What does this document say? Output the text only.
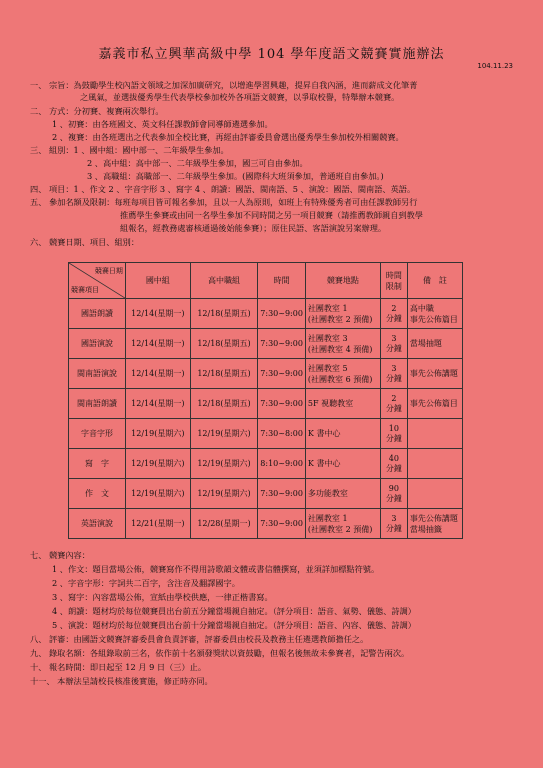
嘉義市私立興華高級中學 104 學年度語文競賽實施辦法
104.11.23
一、 宗旨：為鼓勵學生校內語文領域之加深加廣研究，以增進學習興趣，提昇自我內涵，進而薪成文化筆菁
之風氣，並選拔優秀學生代表學校參加校外各項語文競賽，以爭取校譽，特舉辦本競賽。
二、 方式：分初賽、複賽兩次舉行。
1 、初賽：由各班國文、英文科任課教師會同導師遴選參加。
2 、複賽：由各班選出之代表參加全校比賽，再經由評審委員會選出優秀學生參加校外相關競賽。
三、 組別：1 、國中組：國中部一、二年級學生參加。
2 、高中組：高中部一、二年級學生參加，國三可自由參加。
3 、高職組：高職部一、二年級學生參加。(國際科大班須參加，普通班自由參加。)
四、 項目：1 、作文 2 、字音字形 3 、寫字 4 、朗讀：國語、閩南語、5 、演說：國語、閩南語、英語。
五、 參加名額及限制：每班每項目皆可報名參加，且以一人為原則，如班上有特殊優秀者可由任課教師另行
推薦學生參賽或由同一名學生參加不同時間之另一項目競賽（請推薦教師親自到教學
組報名，經教務處審核通過後始能參賽）；原住民語、客語演說另案辦理。
六、 競賽日期、項目、組別：
競賽日期
競賽項目	國中組	高中職組	時間	競賽地點	時間限制	備　註
國語朗讀	12/14(星期一)	12/18(星期五)	7:30~9:00	社團教室 1
(社團教室 2 預備)	2
分鐘	高中職
事先公佈篇目
國語演說	12/14(星期一)	12/18(星期五)	7:30~9:00	社團教室 3
(社團教室 4 預備)	3
分鐘	當場抽題
閩南語演說	12/14(星期一)	12/18(星期五)	7:30~9:00	社團教室 5
(社團教室 6 預備)	3
分鐘	事先公佈講題
閩南語朗讀	12/14(星期一)	12/18(星期五)	7:30~9:00	5F 視聽教室	2
分鐘	事先公佈篇目
字音字形	12/19(星期六)	12/19(星期六)	7:30~8:00	K 書中心	10
分鐘	
寫　字	12/19(星期六)	12/19(星期六)	8:10~9:00	K 書中心	40
分鐘	
作　文	12/19(星期六)	12/19(星期六)	7:30~9:00	多功能教室	90
分鐘	
英語演說	12/21(星期一)	12/28(星期一)	7:30~9:00	社團教室 1
(社團教室 2 預備)	3
分鐘	事先公佈講題當場抽籤
七、 競賽內容：
1 、作文：題目當場公佈，競賽寫作不得用詩歌韻文體或書信體撰寫，並須詳加標點符號。
2 、字音字形：字詞共二百字，含注音及翻譯國字。
3 、寫字：內容當場公佈，宣紙由學校供應，一律正楷書寫。
4 、朗讀：題材均於每位競賽員出台前五分鐘當場親自抽定。（評分項目：語音、氣勢、儀態、詩調）
5 、演說：題材均於每位競賽員出台前十分鐘當場親自抽定。（評分項目：語音、內容、儀態、詩調）
八、 評審：由國語文競賽評審委員會負責評審，評審委員由校長及教務主任遴選教師擔任之。
九、 錄取名額：各組錄取前三名，依作前十名頒發獎狀以資鼓勵，但報名後無故未參賽者，記警告兩次。
十、 報名時間：即日起至 12 月 9 日（三）止。
十一、 本辦法呈請校長核准後實施，修正時亦同。
